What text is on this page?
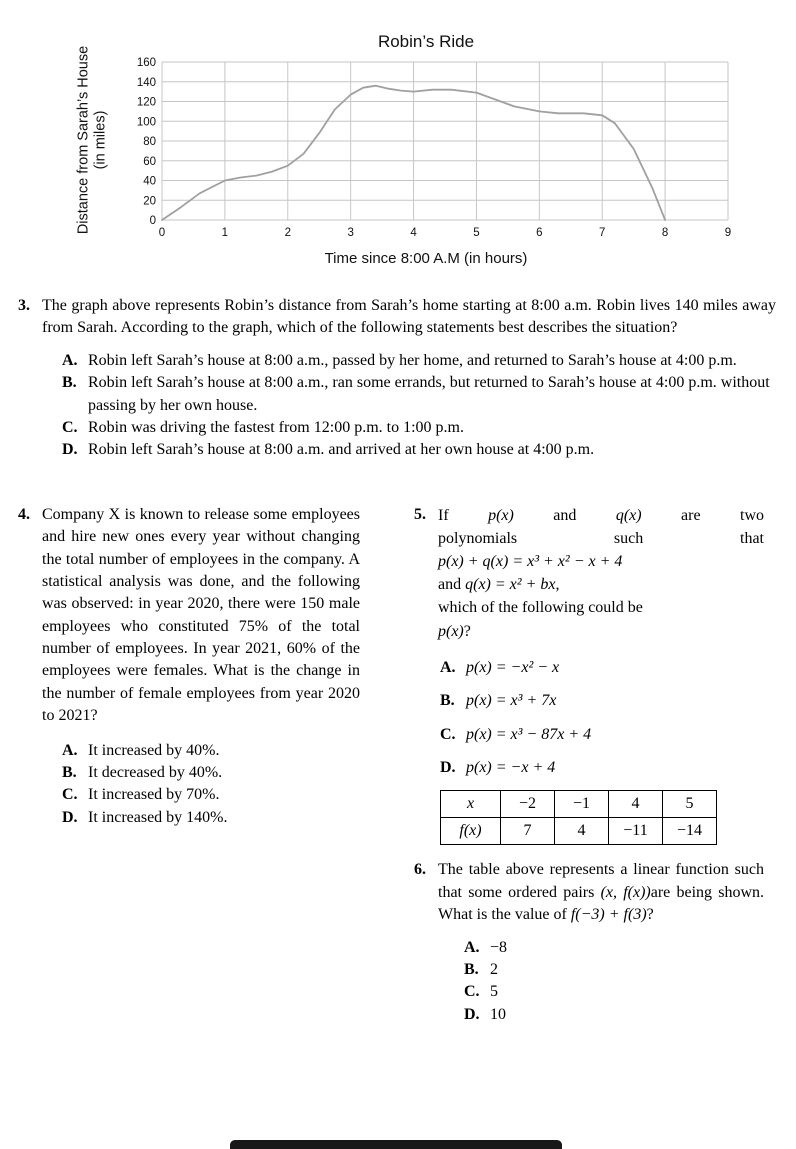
Robin’s Ride
Distance from Sarah’s House (in miles)
0
20
40
60
80
100
120
140
160
0	1	2	3	4	5	6	7	8	9
Time since 8:00 A.M (in hours)
3. The graph above represents Robin’s distance from Sarah’s home starting at 8:00 a.m. Robin lives 140 miles away from Sarah. According to the graph, which of the following statements best describes the situation?
A. Robin left Sarah’s house at 8:00 a.m., passed by her home, and returned to Sarah’s house at 4:00 p.m.
B. Robin left Sarah’s house at 8:00 a.m., ran some errands, but returned to Sarah’s house at 4:00 p.m. without passing by her own house.
C. Robin was driving the fastest from 12:00 p.m. to 1:00 p.m.
D. Robin left Sarah’s house at 8:00 a.m. and arrived at her own house at 4:00 p.m.
4. Company X is known to release some employees and hire new ones every year without changing the total number of employees in the company. A statistical analysis was done, and the following was observed: in year 2020, there were 150 male employees who constituted 75% of the total number of employees. In year 2021, 60% of the employees were females. What is the change in the number of female employees from year 2020 to 2021?
A. It increased by 40%.
B. It decreased by 40%.
C. It increased by 70%.
D. It increased by 140%.
5. If p(x) and q(x) are two
polynomials such that
p(x) + q(x) = x³ + x² − x + 4
and q(x) = x² + bx,
which of the following could be
p(x)?
A. p(x) = −x² − x
B. p(x) = x³ + 7x
C. p(x) = x³ − 87x + 4
D. p(x) = −x + 4
x	−2	−1	4	5
f(x)	7	4	−11	−14
6. The table above represents a linear function such that some ordered pairs (x, f(x))are being shown. What is the value of f(−3) + f(3)?
A. −8
B. 2
C. 5
D. 10
